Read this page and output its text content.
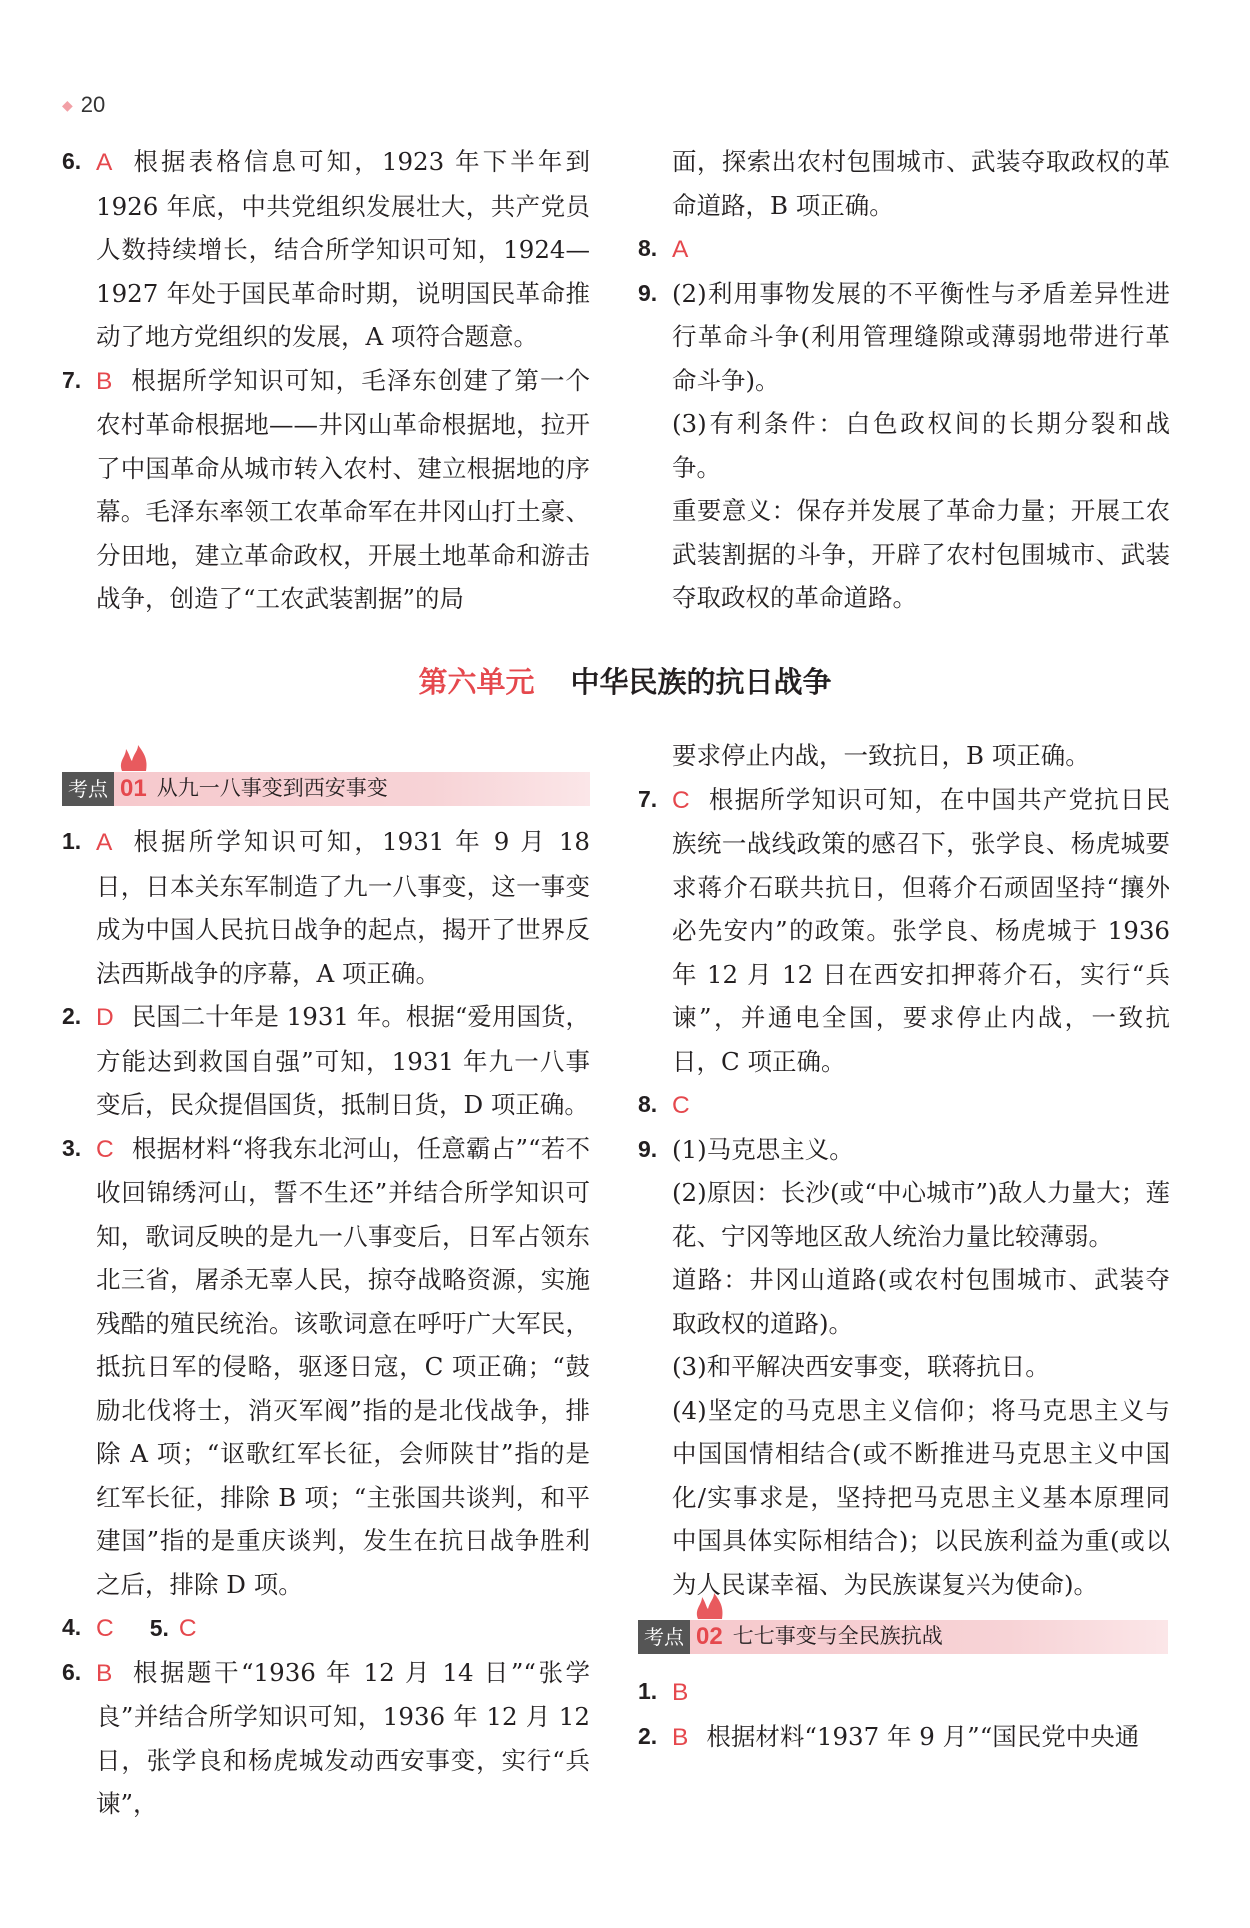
◆ 20
6. A 根据表格信息可知，1923 年下半年到 1926 年底，中共党组织发展壮大，共产党员人数持续增长，结合所学知识可知，1924—1927 年处于国民革命时期，说明国民革命推动了地方党组织的发展，A 项符合题意。
7. B 根据所学知识可知，毛泽东创建了第一个农村革命根据地——井冈山革命根据地，拉开了中国革命从城市转入农村、建立根据地的序幕。毛泽东率领工农革命军在井冈山打土豪、分田地，建立革命政权，开展土地革命和游击战争，创造了“工农武装割据”的局
面，探索出农村包围城市、武装夺取政权的革命道路，B 项正确。
8. A
9. (2)利用事物发展的不平衡性与矛盾差异性进行革命斗争(利用管理缝隙或薄弱地带进行革命斗争)。
(3)有利条件：白色政权间的长期分裂和战争。
重要意义：保存并发展了革命力量；开展工农武装割据的斗争，开辟了农村包围城市、武装夺取政权的革命道路。
第六单元 中华民族的抗日战争
考点 01 从九一八事变到西安事变
1. A 根据所学知识可知，1931 年 9 月 18 日，日本关东军制造了九一八事变，这一事变成为中国人民抗日战争的起点，揭开了世界反法西斯战争的序幕，A 项正确。
2. D 民国二十年是 1931 年。根据“爱用国货，方能达到救国自强”可知，1931 年九一八事变后，民众提倡国货，抵制日货，D 项正确。
3. C 根据材料“将我东北河山，任意霸占”“若不收回锦绣河山，誓不生还”并结合所学知识可知，歌词反映的是九一八事变后，日军占领东北三省，屠杀无辜人民，掠夺战略资源，实施残酷的殖民统治。该歌词意在呼吁广大军民，抵抗日军的侵略，驱逐日寇，C 项正确；“鼓励北伐将士，消灭军阀”指的是北伐战争，排除 A 项；“讴歌红军长征，会师陕甘”指的是红军长征，排除 B 项；“主张国共谈判，和平建国”指的是重庆谈判，发生在抗日战争胜利之后，排除 D 项。
4. C 5. C
6. B 根据题干“1936 年 12 月 14 日”“张学良”并结合所学知识可知，1936 年 12 月 12 日，张学良和杨虎城发动西安事变，实行“兵谏”，
要求停止内战，一致抗日，B 项正确。
7. C 根据所学知识可知，在中国共产党抗日民族统一战线政策的感召下，张学良、杨虎城要求蒋介石联共抗日，但蒋介石顽固坚持“攘外必先安内”的政策。张学良、杨虎城于 1936 年 12 月 12 日在西安扣押蒋介石，实行“兵谏”，并通电全国，要求停止内战，一致抗日，C 项正确。
8. C
9. (1)马克思主义。
(2)原因：长沙(或“中心城市”)敌人力量大；莲花、宁冈等地区敌人统治力量比较薄弱。
道路：井冈山道路(或农村包围城市、武装夺取政权的道路)。
(3)和平解决西安事变，联蒋抗日。
(4)坚定的马克思主义信仰；将马克思主义与中国国情相结合(或不断推进马克思主义中国化/实事求是，坚持把马克思主义基本原理同中国具体实际相结合)；以民族利益为重(或以为人民谋幸福、为民族谋复兴为使命)。
考点 02 七七事变与全民族抗战
1. B
2. B 根据材料“1937 年 9 月”“国民党中央通
